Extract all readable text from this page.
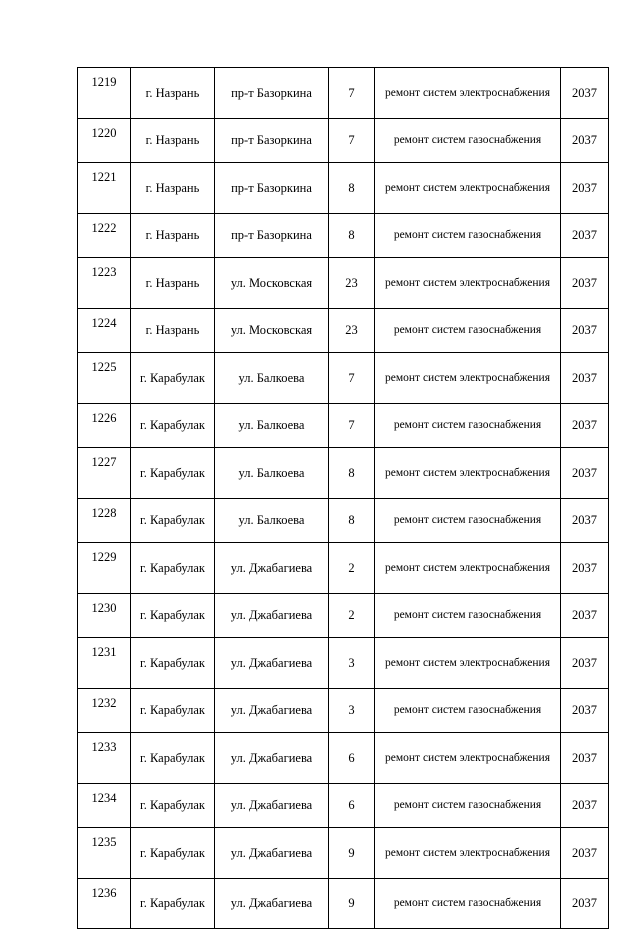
1219	г. Назрань	пр-т Базоркина	7	ремонт систем электроснабжения	2037
1220	г. Назрань	пр-т Базоркина	7	ремонт систем газоснабжения	2037
1221	г. Назрань	пр-т Базоркина	8	ремонт систем электроснабжения	2037
1222	г. Назрань	пр-т Базоркина	8	ремонт систем газоснабжения	2037
1223	г. Назрань	ул. Московская	23	ремонт систем электроснабжения	2037
1224	г. Назрань	ул. Московская	23	ремонт систем газоснабжения	2037
1225	г. Карабулак	ул. Балкоева	7	ремонт систем электроснабжения	2037
1226	г. Карабулак	ул. Балкоева	7	ремонт систем газоснабжения	2037
1227	г. Карабулак	ул. Балкоева	8	ремонт систем электроснабжения	2037
1228	г. Карабулак	ул. Балкоева	8	ремонт систем газоснабжения	2037
1229	г. Карабулак	ул. Джабагиева	2	ремонт систем электроснабжения	2037
1230	г. Карабулак	ул. Джабагиева	2	ремонт систем газоснабжения	2037
1231	г. Карабулак	ул. Джабагиева	3	ремонт систем электроснабжения	2037
1232	г. Карабулак	ул. Джабагиева	3	ремонт систем газоснабжения	2037
1233	г. Карабулак	ул. Джабагиева	6	ремонт систем электроснабжения	2037
1234	г. Карабулак	ул. Джабагиева	6	ремонт систем газоснабжения	2037
1235	г. Карабулак	ул. Джабагиева	9	ремонт систем электроснабжения	2037
1236	г. Карабулак	ул. Джабагиева	9	ремонт систем газоснабжения	2037
